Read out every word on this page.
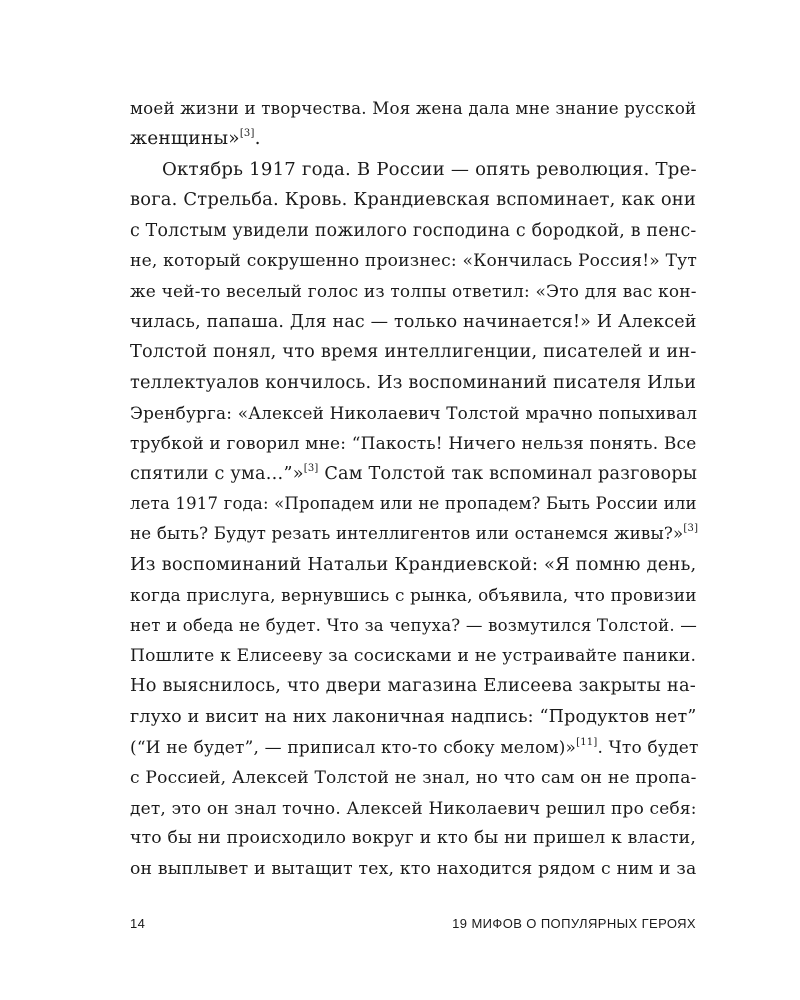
моей жизни и творчества. Моя жена дала мне знание русской
женщины»[3].
Октябрь 1917 года. В России — опять революция. Тре-
вога. Стрельба. Кровь. Крандиевская вспоминает, как они
с Толстым увидели пожилого господина с бородкой, в пенс-
не, который сокрушенно произнес: «Кончилась Россия!» Тут
же чей-то веселый голос из толпы ответил: «Это для вас кон-
чилась, папаша. Для нас — только начинается!» И Алексей
Толстой понял, что время интеллигенции, писателей и ин-
теллектуалов кончилось. Из воспоминаний писателя Ильи
Эренбурга: «Алексей Николаевич Толстой мрачно попыхивал
трубкой и говорил мне: “Пакость! Ничего нельзя понять. Все
спятили с ума…”»[3] Сам Толстой так вспоминал разговоры
лета 1917 года: «Пропадем или не пропадем? Быть России или
не быть? Будут резать интеллигентов или останемся живы?»[3]
Из воспоминаний Натальи Крандиевской: «Я помню день,
когда прислуга, вернувшись с рынка, объявила, что провизии
нет и обеда не будет. Что за чепуха? — возмутился Толстой. —
Пошлите к Елисееву за сосисками и не устраивайте паники.
Но выяснилось, что двери магазина Елисеева закрыты на-
глухо и висит на них лаконичная надпись: “Продуктов нет”
(“И не будет”, — приписал кто-то сбоку мелом)»[11]. Что будет
с Россией, Алексей Толстой не знал, но что сам он не пропа-
дет, это он знал точно. Алексей Николаевич решил про себя:
что бы ни происходило вокруг и кто бы ни пришел к власти,
он выплывет и вытащит тех, кто находится рядом с ним и за
14	19 МИФОВ О ПОПУЛЯРНЫХ ГЕРОЯХ
